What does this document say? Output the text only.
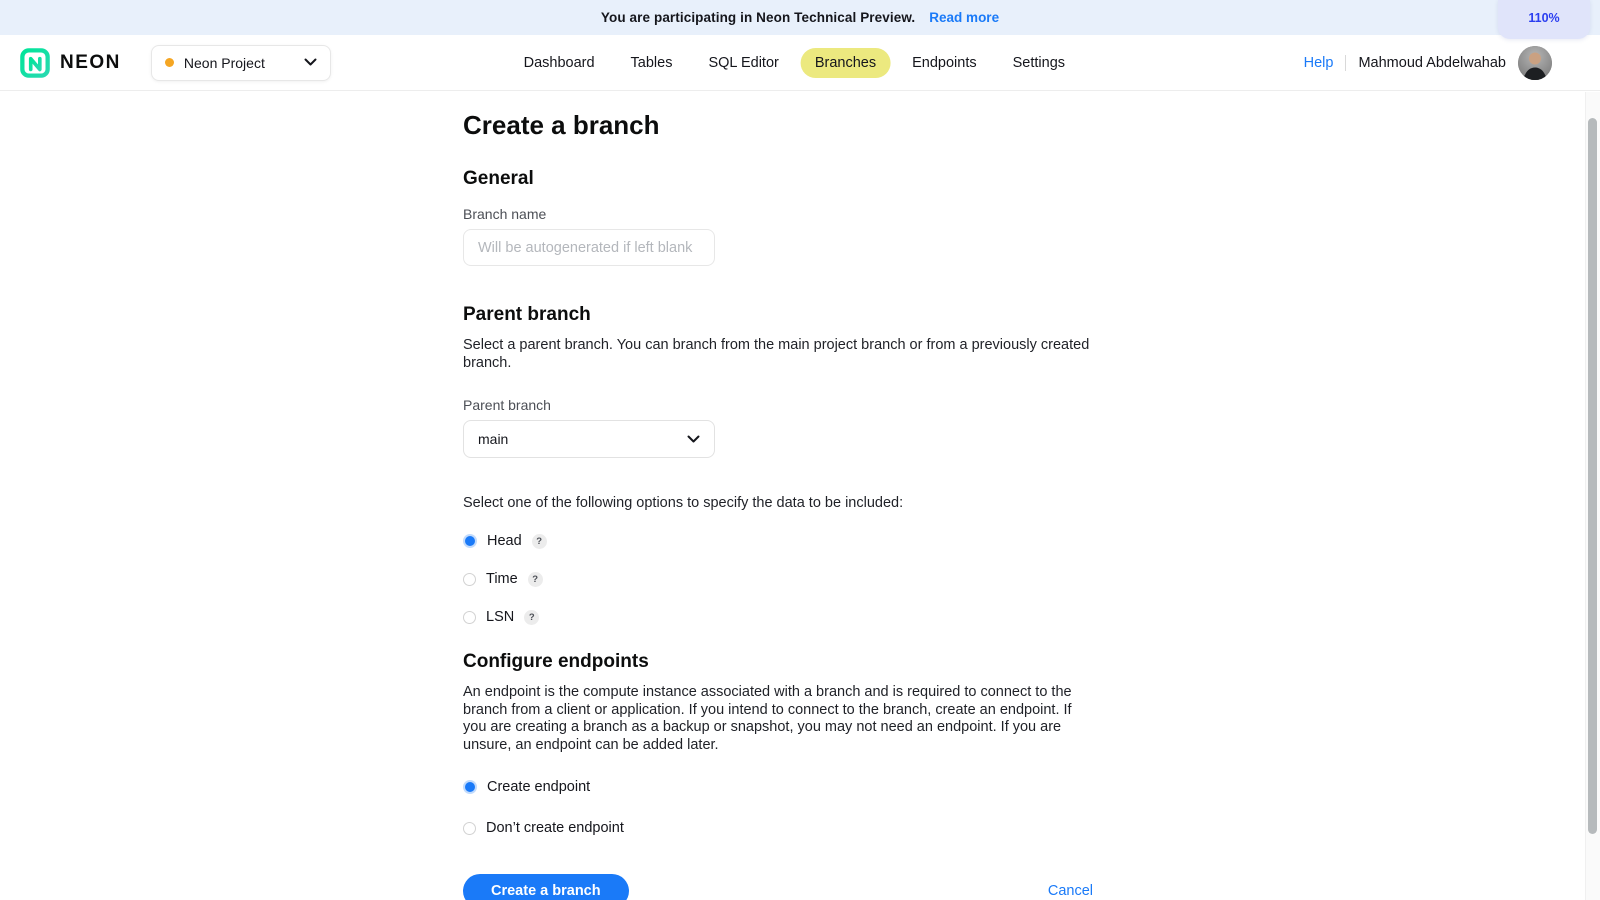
You are participating in Neon Technical Preview. Read more	110%
NEON	Neon Project	Dashboard	Tables	SQL Editor	Branches	Endpoints	Settings	Help Mahmoud Abdelwahab
Create a branch
General
Branch name
Will be autogenerated if left blank
Parent branch
Select a parent branch. You can branch from the main project branch or from a previously created branch.
Parent branch
main
Select one of the following options to specify the data to be included:
Head	?
Time	?
LSN	?
Configure endpoints
An endpoint is the compute instance associated with a branch and is required to connect to the branch from a client or application. If you intend to connect to the branch, create an endpoint. If you are creating a branch as a backup or snapshot, you may not need an endpoint. If you are unsure, an endpoint can be added later.
Create endpoint
Don’t create endpoint
Create a branch	Cancel
